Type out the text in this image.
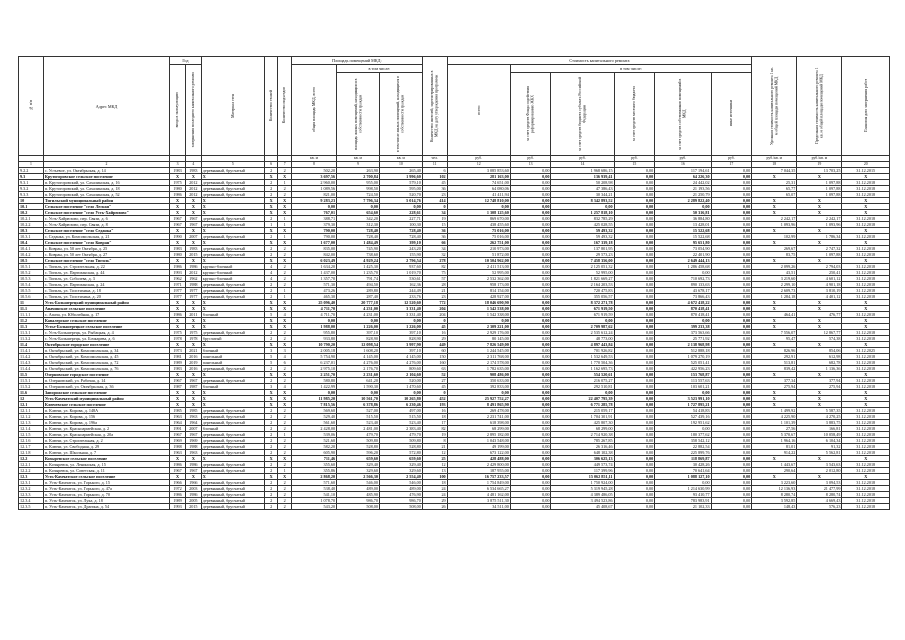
№ п/п	Адрес МКД	Год		Материал стен	Количество этажей	Количество подъездов	Площадь помещений МКД:			Количество жителей, зарегистрированных в МКД на дату утверждения программы	Стоимость капитального ремонта						Удельная стоимость капитального ремонта 1 кв. м общей площади помещений МКД	Предельная стоимость капитального ремонта 1 кв. м общей площади помещений МКД	Плановая дата завершения работ
		ввода в эксплуатацию	завершения последнего капитального ремонта				общая площадь МКД, всего	в том числе:			всего:	в том числе:							
								площадь жилых помещений, находящихся в собственности граждан	в том числе жилых помещений, находящихся в собственности граждан			за счет средств Фонда содействия реформированию ЖКХ	за счет средств бюджета субъекта Российской Федерации	за счет средств местного бюджета	за счет средств собственников помещений в МКД	иные источники			
							кв. м	кв. м	кв. м	чел.	руб.	руб.	руб.	руб.	руб.	руб.	руб./кв. м	руб./кв. м	
1	2	3	4	5	6	7	8	9	10	11	12	13	14	15	16	17	18	19	20
9.2.2	с. Устьевое, ул. Октябрьская, д. 14	1983	1983	деревянный, брусчатый	2	2	502,20	263,90	265,40	6	3 085 853,60	0,00	1 968 686,15	0,00	117 194,61	0,00	7 044,35	13 703,25	31.12.2015
9.3	Крутогоровское сельское поселение	X	X	X	X	X	3 697,56	2 700,84	1 996,60	102	281 163,00	0,00	136 939,41	0,00	64 226,30	0,00	X	X	X
9.3.1	п. Крутогоровский, ул. Сахалинская, д. 16	1975	2012	деревянный, брусчатый	2	1	2 960,00	955,00	579,10	45	74 651,00	0,00	50 208,98	0,00	24 442,02	0,00	25,31	1 097,88	31.12.2018
9.3.2	п. Крутогоровский, ул. Сахалинская, д. 18	1980	2012	деревянный, брусчатый	2	2	1 089,56	998,50	595,00	36	64 080,06	0,00	47 386,43	0,00	21 193,56	0,00	65,77	1 097,88	31.12.2018
9.3.3	п. Крутогоровский, ул. Сахалинская, д. 52	1986	2012	деревянный, брусчатый	2	2	821,00	724,50	520,70	23	41 411,94	0,00	30 344,21	0,00	21 250,79	0,00	65,07	1 097,88	31.12.2018
10	Тигильский муниципальный район	X	X	X	X	X	9 283,23	7 796,34	5 014,76	414	12 748 810,00	0,00	8 342 893,52	0,00	2 289 822,40	0,00	X	X	X
10.1	Сельское поселение "село Лесная"	X	X	X	X	X	0,00	0,00	0,00	0	0,00	0,00	0,00	0,00	0,00	0,00	X	X	X
10.2	Сельское поселение "село Усть-Хайрюзово"	X	X	X	X	X	767,01	654,60	228,61	34	1 308 125,60	0,00	1 257 818,10	0,00	50 316,81	0,00	X	X	X
10.2.1	с. Усть-Хайрюзово, пер. Связи, д. 6	1967	1967	деревянный, брусчатый	2	1	388,71	342,20	227,71	19	869 670,00	0,00	832 785,29	0,00	36 884,80	0,00	2 242,17	2 242,17	31.12.2018
10.2.2	с. Усть-Хайрюзово, пер. Связи, д. 8	1967	1967	деревянный, брусчатый	1	1	379,30	312,30	100,30	15	438 455,60	0,00	425 028,55	0,00	13 428,01	0,00	1 093,96	1 093,96	31.12.2018
10.3	Сельское поселение "село Седанка"	X	X	X	X	X	790,00	728,40	728,40	36	75 016,00	0,00	59 493,32	0,00	15 522,68	0,00	X	X	X
10.3.1	с. Седанка, ул. Комсомольская, д. 21	1990	2007	деревянный, брусчатый	2	1	790,00	728,40	728,40	36	75 016,00	0,00	59 493,32	0,00	15 522,68	0,00	102,99	1 786,34	31.12.2018
10.4	Сельское поселение "село Ковран"	X	X	X	X	X	1 677,00	1 484,49	399,10	66	262 751,00	0,00	167 339,18	0,00	95 651,80	0,00	X	X	X
10.4.1	с. Ковран, ул. 50 лет Октября, д. 25	1983	1983	деревянный, брусчатый	2	2	835,00	745,90	243,20	34	210 973,00	0,00	137 801,95	0,00	73 054,90	0,00	269,67	2 747,32	31.12.2018
10.4.2	с. Ковран, ул. 50 лет Октября, д. 27	1980	2015	деревянный, брусчатый	2	2	842,00	738,60	155,90	32	51 872,00	0,00	29 573,23	0,00	22 401,90	0,00	83,75	1 097,88	31.12.2018
10.5	Сельское поселение "село Тигиль"	X	X	X	X	X	6 023,49	4 929,24	2 796,54	278	10 504 962,00	0,00	7 458 356,00	0,00	2 649 444,13	0,00	X	X	X
10.5.1	с. Тигиль, ул. Строительная, д. 22	1986	1986	крупно-блочный	4	2	1 634,20	1 425,30	937,60	82	2 411 513,00	0,00	2 125 051,32	0,00	1 286 458,68	0,00	2 099,26	2 794,03	31.12.2018
10.5.2	с. Тигиль, ул. Партизанская, д. 44	1993	2012	крупно-блочный	4	2	1 437,00	1 235,70	1 019,70	75	52 995,00	0,00	52 995,00	0,00	0,00	0,00	43,51	250,41	31.12.2018
10.5.3	с. Тигиль, ул. Соболева, д. 3	1962	1962	крупно-блочный	4	2	1 357,70	791,74	530,61	57	2 532 362,00	0,00	1 821 669,27	0,00	710 692,73	0,00	3 219,60	4 601,12	31.12.2018
10.5.4	с. Тигиль, ул. Партизанская, д. 24	1971	1988	деревянный, брусчатый	2	2	571,30	494,50	162,36	28	958 173,00	0,00	2 164 203,53	0,00	890 133,63	0,00	2 299,10	4 901,18	31.12.2018
10.5.5	с. Тигиль, ул. Толстихина, д. 18	1977	1977	деревянный, брусчатый	2	1	473,26	289,80	244,49	21	814 154,00	0,00	720 475,83	0,00	43 678,17	0,00	2 609,73	3 810,19	31.12.2018
10.5.6	с. Тигиль, ул. Толстихина, д. 20	1977	1977	деревянный, брусчатый	2	1	465,30	287,40	233,76	23	428 927,00	0,00	355 056,57	0,00	73 866,43	0,00	1 284,18	4 401,12	31.12.2018
11	Усть-Большерецкий муниципальный район	X	X	X	X	X	25 096,40	20 777,18	12 520,60	772	18 046 690,90	0,00	8 372 271,78	0,00	4 672 418,22	0,00	X	X	X
11.1	Апачинское сельское поселение	X	X	X	X	X	4 711,70	4 231,00	3 331,40	204	1 542 538,00	0,00	671 919,50	0,00	870 418,41	0,00	X	X	X
11.1.1	с. Апача, ул. Юбилейная, д. 17	1986	2011	блочный	5	4	4 711,70	4 231,00	3 331,40	204	1 542 338,00	0,00	671 919,59	0,00	870 418,41	0,00	464,41	476,77	31.12.2018
11.2	Кавалерское сельское поселение	X	X	X	X	X	0,00	0,00	0,00	0	0,00	0,00	0,00	0,00	0,00	0,00	X	X	X
11.3	Устье-Большерецкое сельское поселение	X	X	X	X	X	1 988,00	1 226,00	1 226,00	45	2 309 221,00	0,00	2 709 987,62	0,00	399 233,38	0,00	X	X	X
11.3.1	с. Усть-Большерецк, ул. Рыбацкая, д. 4	1975	1975	деревянный, брусчатый	2	2	955,80	397,10	397,10	16	2 929 176,00	0,00	2 535 612,24	0,00	373 563,66	0,00	7 556,07	12 867,77	31.12.2018
11.3.2	с. Усть-Большерецк, ул. Бочкарева, д. 6	1978	1978	брусчатый	2	2	933,80	828,90	828,90	29	80 145,00	0,00	48 773,00	0,00	25 771,92	0,00	95,47	574,38	31.12.2018
11.4	Октябрьское городское поселение	X	X	X	X	X	10 790,20	12 098,54	3 997,90	449	7 826 549,00	0,00	4 897 443,84	0,00	2 138 968,98	0,00	X	X	X
11.4.1	п. Октябрьский, ул. Комсомольская, д. 34	1973	2021	блочный	3	3	2 005,18	1 608,20	397,10	60	1 244 545,00	0,00	701 926,82	0,00	512 888,18	0,00	826,96	854,06	31.12.2025
11.4.2	п. Октябрьский, ул. Комсомольская, д. 45	1981	2016	панельный	5	4	5 754,90	4 145,00	4 145,00	150	2 311 768,00	0,00	1 532 649,53	0,00	1 079 270,19	0,00	292,91	612,98	31.12.2018
11.4.3	п. Октябрьский, ул. Комсомольская, д. 72	1989	2019	панельный	5	6	6 237,01	4 276,00	4 276,00	160	2 174 578,00	0,00	1 770 504,36	0,00	525 051,41	0,00	513,81	682,78	31.12.2018
11.4.4	п. Октябрьский, ул. Комсомольская, д. 76	1983	2016	деревянный, брусчатый	2	2	2 975,10	2 176,70	809,60	63	1 782 635,00	0,00	1 162 695,73	0,00	422 956,23	0,00	839,42	1 136,36	31.12.2018
11.5	Озерновское городское поселение	X	X	X	X	X	2 251,70	2 231,60	2 104,60	52	908 486,00	0,00	554 520,61	0,00	153 768,87	0,00	X	X	X
11.5.1	п. Озерновский, ул. Рабочая, д. 14	1967	1967	деревянный, брусчатый	2	2	580,80	641,20	520,00	27	350 633,00	0,00	216 075,27	0,00	113 557,63	0,00	377,34	377,94	31.12.2018
11.5.2	п. Озерновский, ул. Октябрьская, д. 36	1987	1987	блочный	3	4	1 422,99	1 590,30	1 470,60	45	392 833,00	0,00	292 510,81	0,00	103 601,21	0,00	275,94	275,94	31.12.2018
11.6	Запорожское сельское поселение	X	X	X	X	X	0,00	0,00	0,00	0	0,00	0,00	0,00	0,00	0,00	0,00	X	X	X
12	Усть-Камчатский муниципальный район	X	X	X	X	X	11 985,20	10 561,70	10 265,80	452	25 927 752,27	0,00	22 407 795,39	0,00	3 523 991,10	0,00	X	X	X
12.1	Ключевское сельское поселение	X	X	X	X	X	7 815,56	6 378,86	6 230,46	193	8 491 865,90	0,00	6 771 285,78	0,00	1 727 895,21	0,00	X	X	X
12.1.1	п. Ключи, ул. Кирова, д. 148А	1985	1985	деревянный, брусчатый	2	2	569,60	527,00	497,00	16	269 478,00	0,00	215 059,17	0,00	54 418,83	0,00	1 499,92	5 587,35	31.12.2018
12.1.2	п. Ключи, ул. Кирова, д. 156	1963	1963	деревянный, брусчатый	2	2	529,40	515,50	515,50	18	2 231 741,00	0,00	1 704 301,91	0,00	527 439,16	0,00	4 225,90	4 270,25	31.12.2018
12.1.3	п. Ключи, ул. Кирова, д. 196а	1964	1964	деревянный, брусчатый	2	2	561,60	523,40	523,40	17	618 398,00	0,00	425 807,30	0,00	192 951,62	0,00	1 101,39	3 883,75	31.12.2018
12.1.4	п. Ключи, ул. Красноармейская, д. 2	1991	2007	блочный	2	2	2 428,00	2 481,00	2 383,40	82	68 299,00	0,00	68 299,00	0,00	0,00	0,00	27,56	166,81	31.12.2018
12.1.5	п. Ключи, ул. Красноармейская, д. 20а	1967	1967	деревянный, брусчатый	2	1	539,06	479,70	479,70	19	2 895 182,00	0,00	2 714 920,38	0,00	180 377,62	0,00	5 370,67	10 058,49	31.12.2018
12.1.6	п. Ключи, ул. Строительная, д. 2	1969	1969	деревянный, брусчатый	2	2	521,60	509,80	509,80	8	1 043 548,00	0,00	785 267,85	0,00	358 542,12	0,00	1 964,16	6 104,34	31.12.2018
12.1.7	п. Ключи, ул. Свободная, д. 29	1988	1988	деревянный, брусчатый	2	2	582,20	528,80	528,80	21	49 199,00	0,00	26 316,46	0,00	22 882,54	0,00	81,01	91,32	31.12.2018
12.1.8	п. Ключи, ул. Школьная, д. 7	1963	1963	деревянный, брусчатый	2	2	605,90	596,20	572,80	12	673 122,00	0,00	648 102,38	0,00	225 899,76	0,00	914,22	5 562,81	31.12.2018
12.2	Козыревское сельское поселение	X	X	X	X	X	711,46	659,60	659,60	25	428 488,00	0,00	306 625,13	0,00	118 869,87	0,00	X	X	X
12.2.1	п. Козыревск, ул. Ленинская, д. 15	1986	1986	деревянный, брусчатый	2	2	355,60	329,40	329,40	12	2 429 800,00	0,00	449 573,74	0,00	30 428,26	0,00	1 443,67	3 543,63	31.12.2018
12.2.2	п. Козыревск, ул. Советская, д. 11	1967	1967	деревянный, брусчатый	2	1	355,86	329,60	329,60	13	187 955,00	0,00	117 399,96	0,00	70 641,64	0,00	290,64	2 012,80	31.12.2018
12.3	Усть-Камчатское сельское поселение	X	X	X	X	X	2 868,20	2 566,30	2 554,40	100	16 757 233,57	0,00	15 062 851,11	0,00	1 088 127,10	0,00	X	X	X
12.3.1	п. Усть-Камчатск, ул. Горького, д. 15	1966	1966	деревянный, брусчатый	2	2	571,60	546,00	546,00	18	1 754 849,00	0,00	1 750 924,00	0,00	0,00	0,00	3 223,60	3 094,53	31.12.2018
12.3.2	п. Усть-Камчатск, ул. Горького, д. 47а	1972	2003	деревянный, брусчатый	2	2	538,40	489,00	489,00	24	6 534 665,27	0,00	5 319 945,28	0,00	1 214 630,99	0,00	12 136,93	21 477,99	31.12.2018
12.3.3	п. Усть-Камчатск, ул. Горького, д. 70	1986	1986	деревянный, брусчатый	2	2	541,10	485,90	476,90	24	4 481 162,00	0,00	4 389 486,05	0,00	93 410,77	0,00	8 280,74	8 280,74	31.12.2018
12.3.4	п. Усть-Камчатск, ул. Лука, д. 18	1989	2005	деревянный, брусчатый	2	2	1 078,70	986,70	986,70	29	3 875 511,30	0,00	3 494 523,86	0,00	783 983,91	0,00	3 592,85	4 669,43	31.12.2018
12.3.5	п. Усть-Камчатск, ул. Драгина, д. 54	1993	2015	деревянный, брусчатый	2	2	543,20	508,00	508,00	26	34 511,00	0,00	45 408,67	0,00	21 102,33	0,00	148,43	576,23	31.12.2018
